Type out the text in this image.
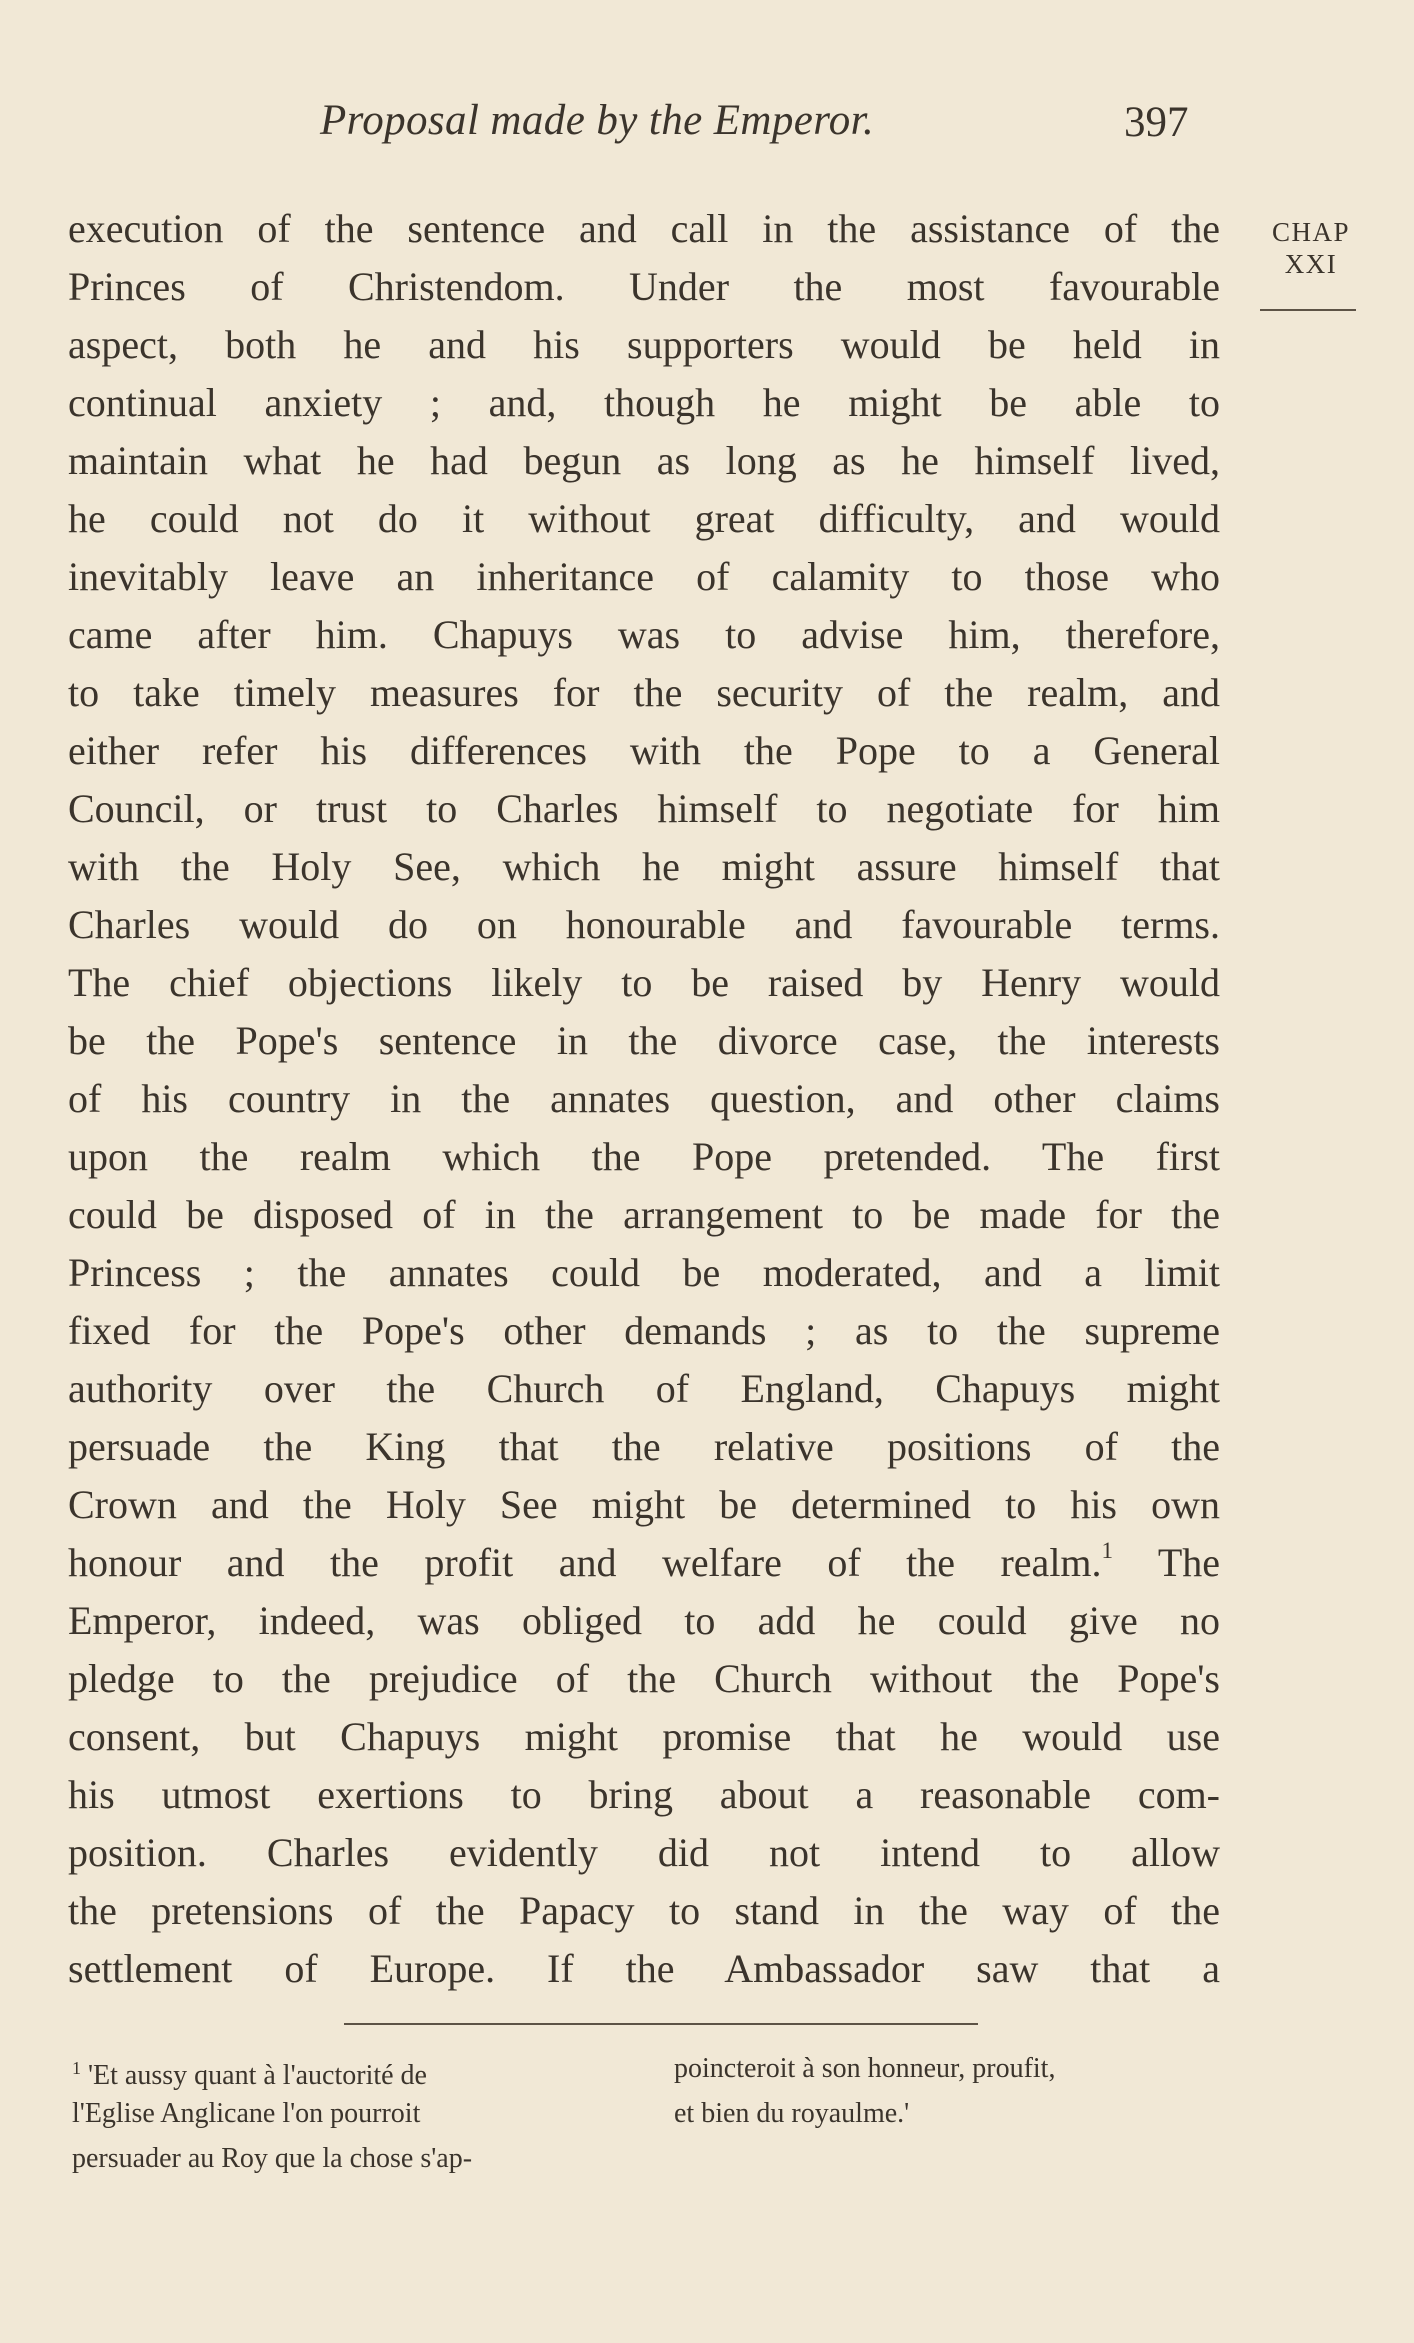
Proposal made by the Emperor.	397
CHAP
XXI
execution of the sentence and call in the assistance of the
Princes of Christendom. Under the most favourable
aspect, both he and his supporters would be held in
continual anxiety ; and, though he might be able to
maintain what he had begun as long as he himself lived,
he could not do it without great difficulty, and would
inevitably leave an inheritance of calamity to those who
came after him. Chapuys was to advise him, therefore,
to take timely measures for the security of the realm, and
either refer his differences with the Pope to a General
Council, or trust to Charles himself to negotiate for him
with the Holy See, which he might assure himself that
Charles would do on honourable and favourable terms.
The chief objections likely to be raised by Henry would
be the Pope's sentence in the divorce case, the interests
of his country in the annates question, and other claims
upon the realm which the Pope pretended. The first
could be disposed of in the arrangement to be made for the
Princess ; the annates could be moderated, and a limit
fixed for the Pope's other demands ; as to the supreme
authority over the Church of England, Chapuys might
persuade the King that the relative positions of the
Crown and the Holy See might be determined to his own
honour and the profit and welfare of the realm.$^1$ The
Emperor, indeed, was obliged to add he could give no
pledge to the prejudice of the Church without the Pope's
consent, but Chapuys might promise that he would use
his utmost exertions to bring about a reasonable com-
position. Charles evidently did not intend to allow
the pretensions of the Papacy to stand in the way of the
settlement of Europe. If the Ambassador saw that a
$^1$ 'Et aussy quant à l'auctorité de
l'Eglise Anglicane l'on pourroit
persuader au Roy que la chose s'ap-
poincteroit à son honneur, proufit,
et bien du royaulme.'
